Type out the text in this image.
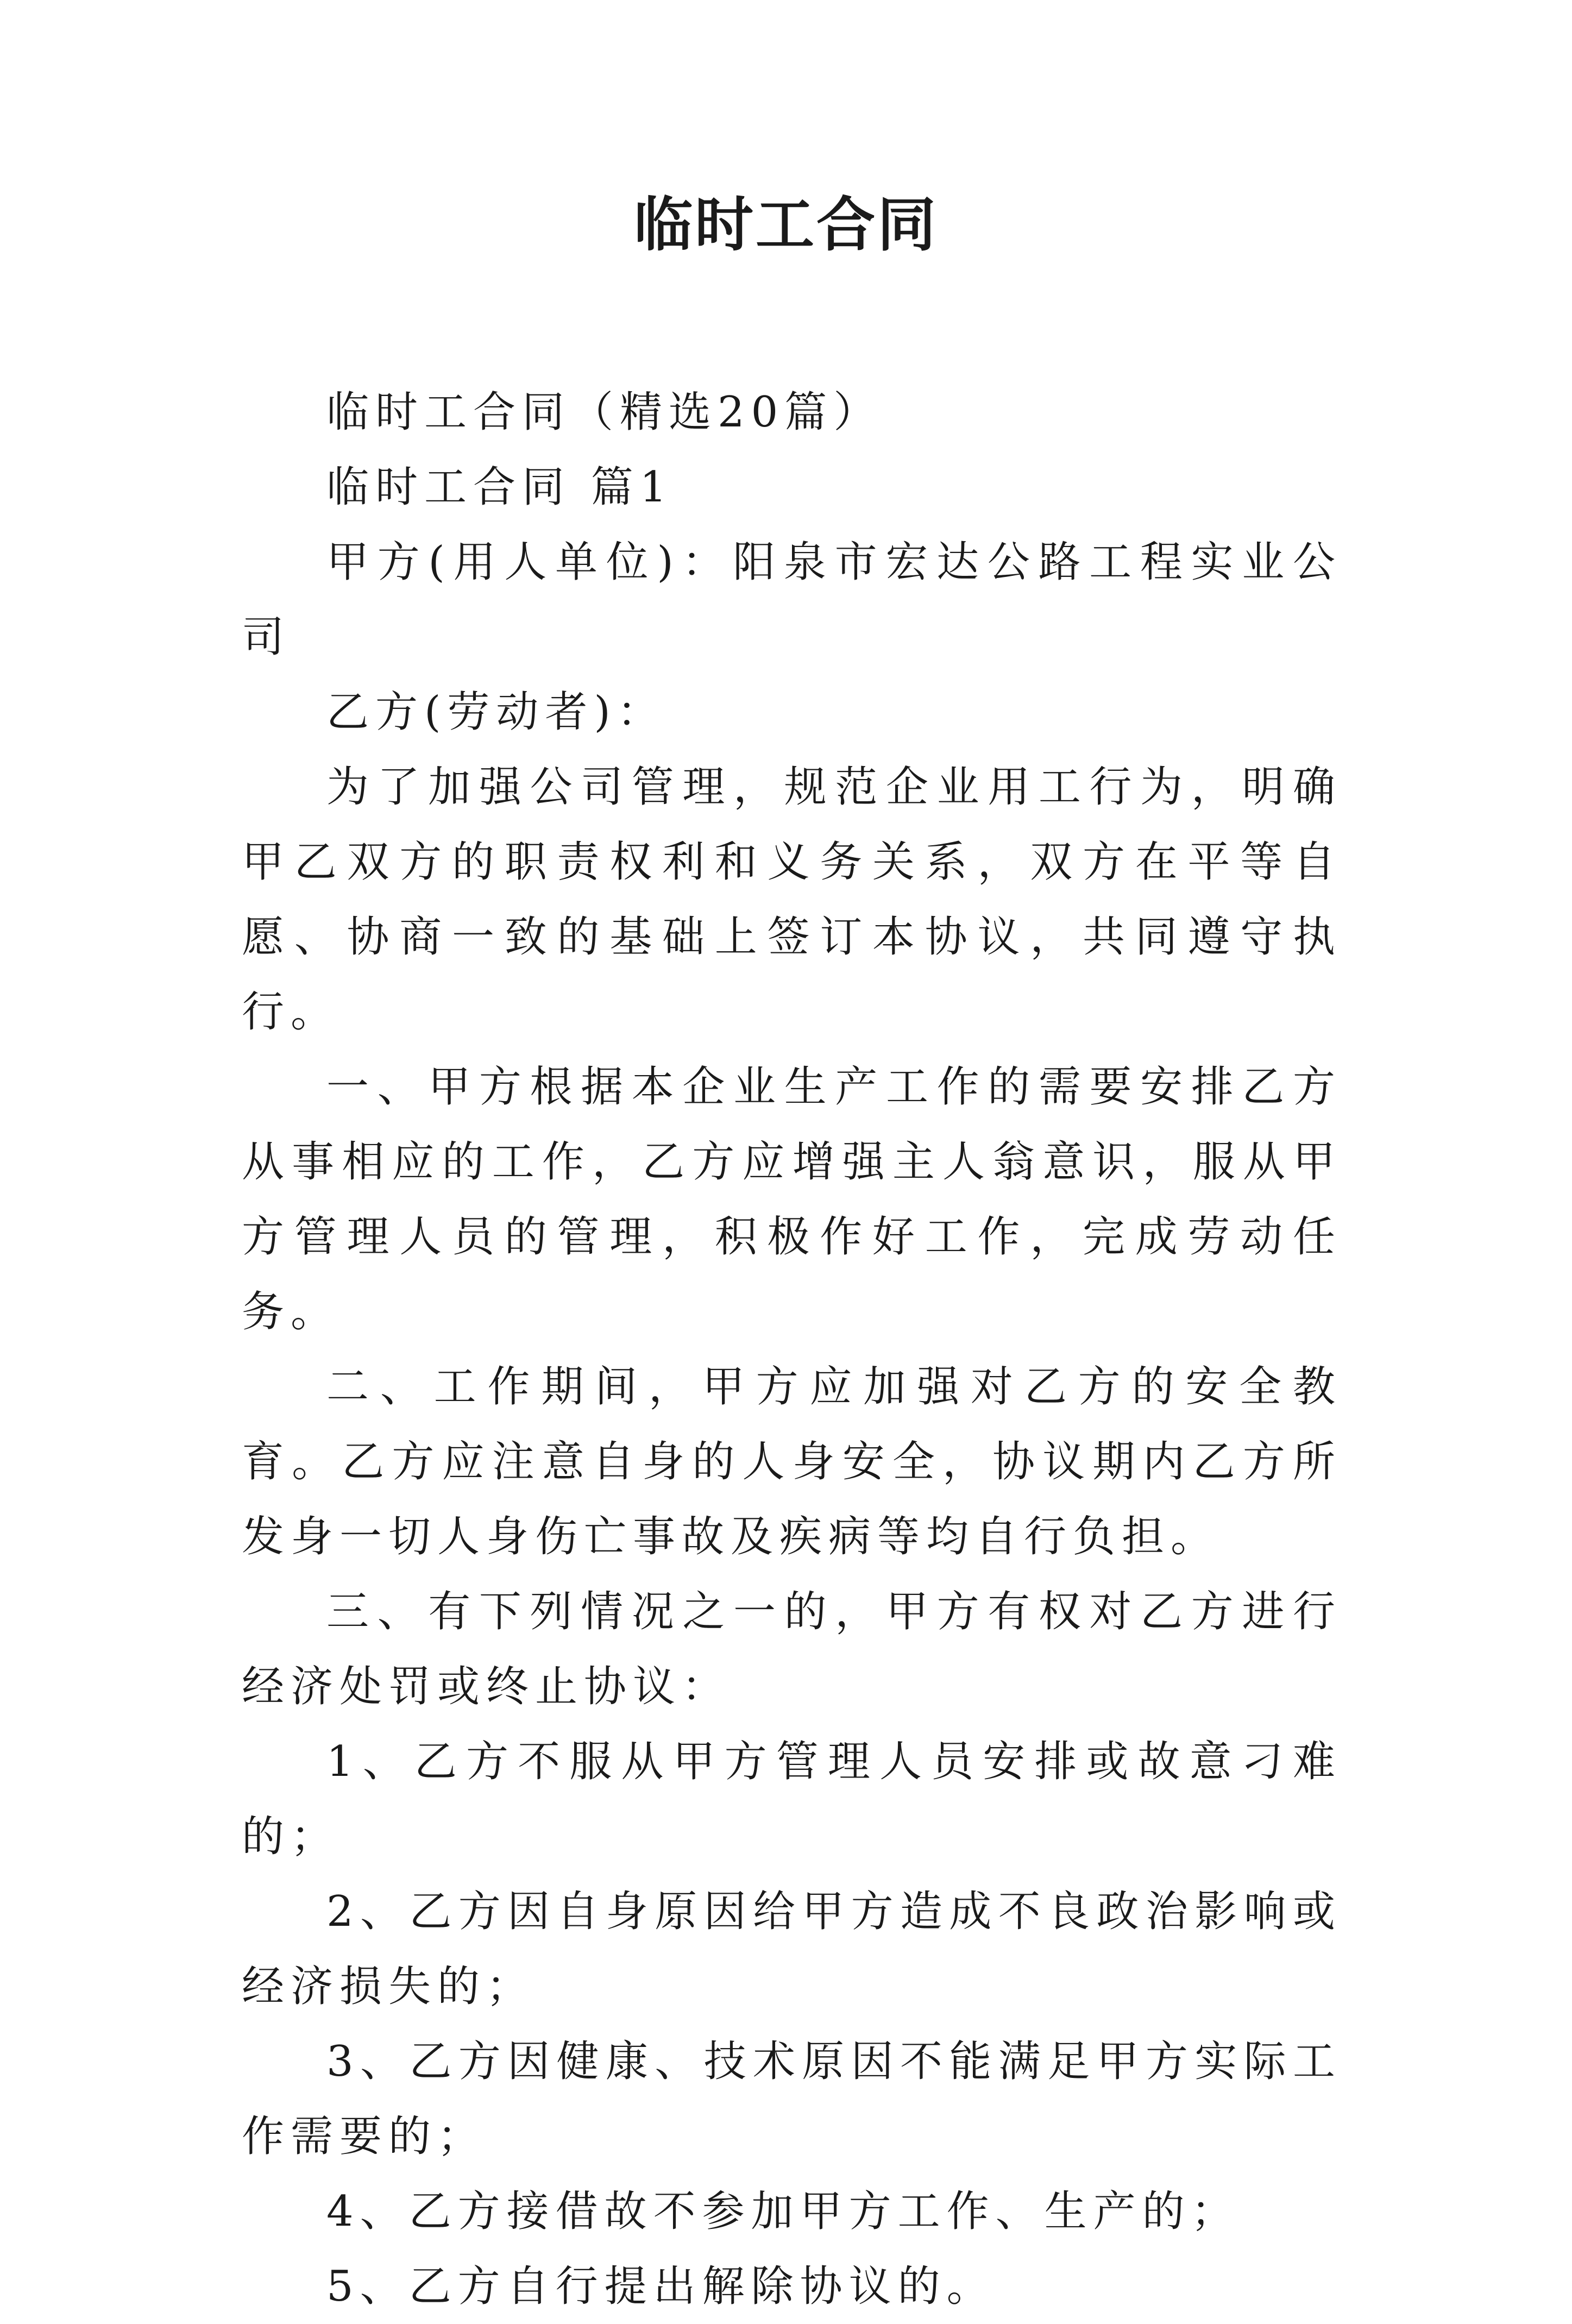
临时工合同

临时工合同（精选20篇）

临时工合同 篇1

甲方(用人单位)：阳泉市宏达公路工程实业公司

乙方(劳动者)：

为了加强公司管理，规范企业用工行为，明确甲乙双方的职责权利和义务关系，双方在平等自愿、协商一致的基础上签订本协议，共同遵守执行。

一、甲方根据本企业生产工作的需要安排乙方从事相应的工作，乙方应增强主人翁意识，服从甲方管理人员的管理，积极作好工作，完成劳动任务。

二、工作期间，甲方应加强对乙方的安全教育。乙方应注意自身的人身安全，协议期内乙方所发身一切人身伤亡事故及疾病等均自行负担。

三、有下列情况之一的，甲方有权对乙方进行经济处罚或终止协议：

1、乙方不服从甲方管理人员安排或故意刁难的；

2、乙方因自身原因给甲方造成不良政治影响或经济损失的；

3、乙方因健康、技术原因不能满足甲方实际工作需要的；

4、乙方接借故不参加甲方工作、生产的；

5、乙方自行提出解除协议的。
